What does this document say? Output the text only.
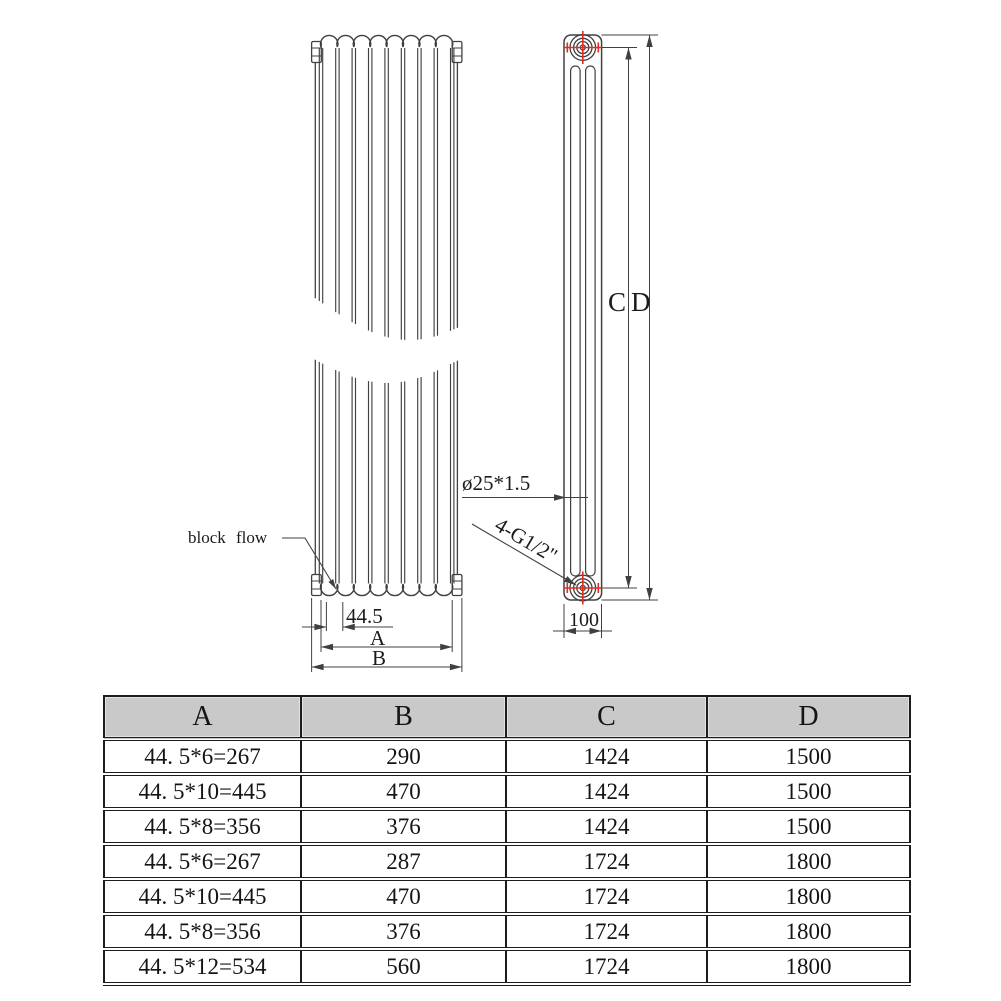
block flow
44.5
A
B
C D
ø25*1.5
4-G1/2"
100
A	B	C	D
44. 5*6=267	290	1424	1500
44. 5*10=445	470	1424	1500
44. 5*8=356	376	1424	1500
44. 5*6=267	287	1724	1800
44. 5*10=445	470	1724	1800
44. 5*8=356	376	1724	1800
44. 5*12=534	560	1724	1800
